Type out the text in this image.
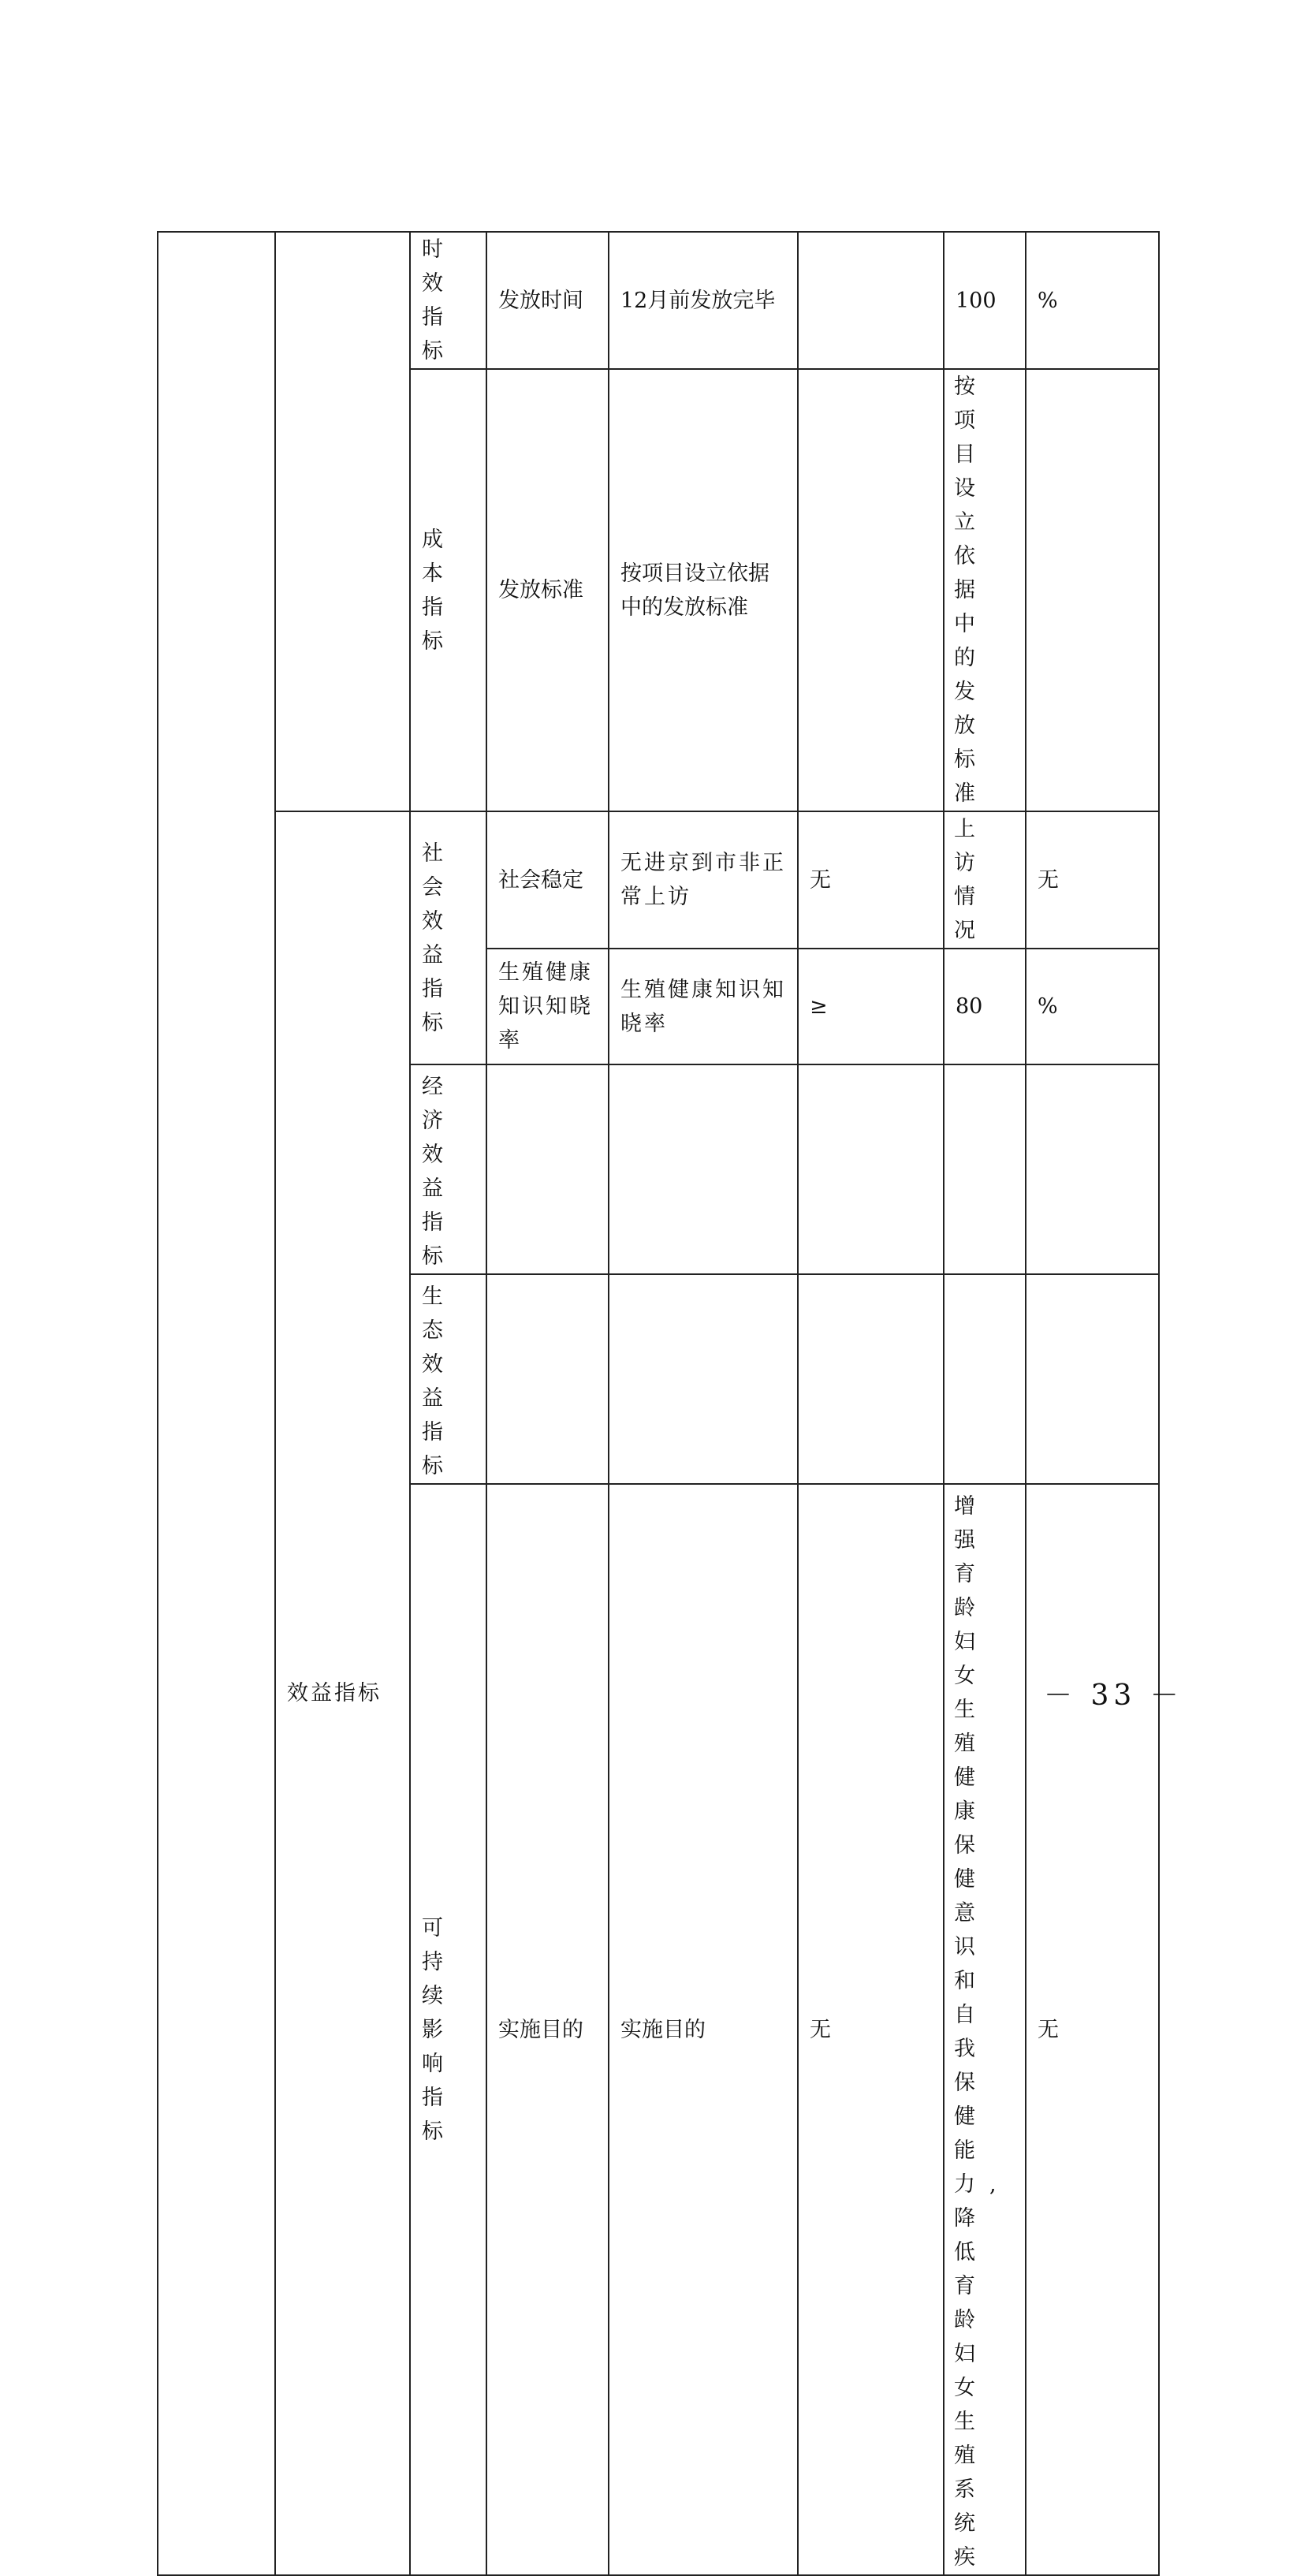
		时效指标	发放时间	12月前发放完毕		100	%

		成本指标	发放标准	按项目设立依据中的发放标准		按项目设立依据中的发放标准	

	效益指标	社会效益指标	社会稳定	无进京到市非正常上访	无	上访情况	无

			生殖健康知识知晓率	生殖健康知识知晓率	≥	80	%

		经济效益指标					

		生态效益指标					

		可持续影响指标	实施目的	实施目的	无	增强育龄妇女生殖健康保健意识和自我保健能力,降低育龄妇女生殖系统疾	无
－ 33 －
